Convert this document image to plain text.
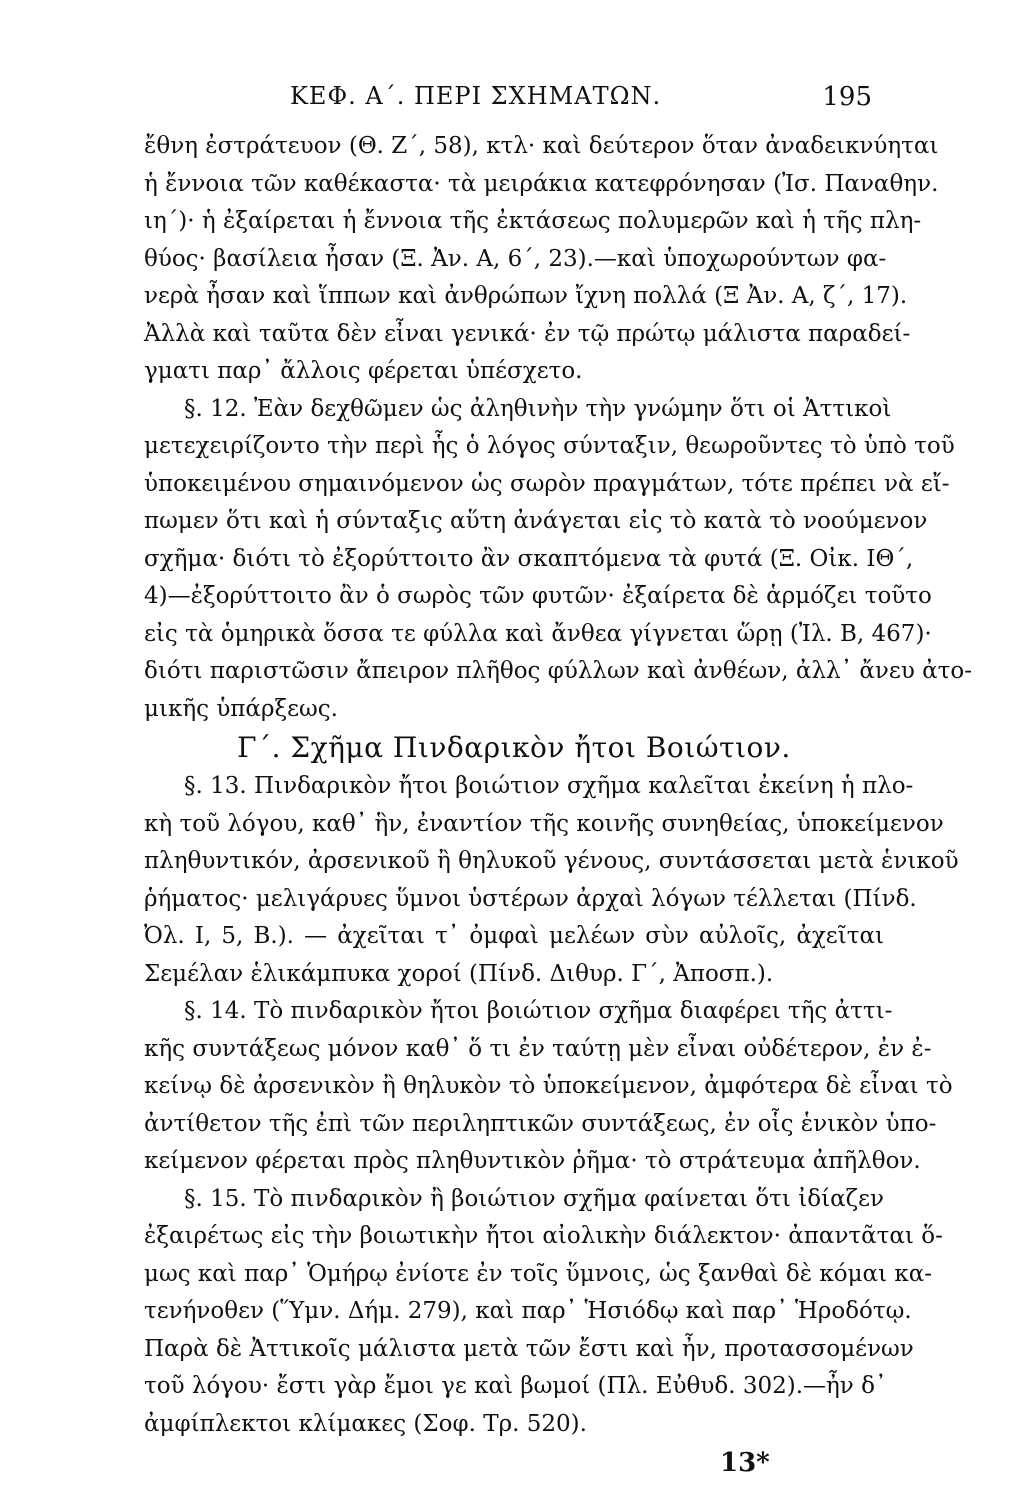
ΚΕΦ. Α΄. ΠΕΡΙ ΣΧΗΜΑΤΩΝ.	195
ἔθνη ἐστράτευον (Θ. Ζ΄, 58), κτλ· καὶ δεύτερον ὅταν ἀναδεικνύηται
ἡ ἔννοια τῶν καθέκαστα· τὰ μειράκια κατεφρόνησαν (Ἰσ. Παναθην.
ιη΄)· ἡ ἐξαίρεται ἡ ἔννοια τῆς ἐκτάσεως πολυμερῶν καὶ ἡ τῆς πλη-
θύος· βασίλεια ἦσαν (Ξ. Ἀν. Α, 6΄, 23).—καὶ ὑποχωρούντων φα-
νερὰ ἦσαν καὶ ἵππων καὶ ἀνθρώπων ἴχνη πολλά (Ξ Ἀν. Α, ζ΄, 17).
Ἀλλὰ καὶ ταῦτα δὲν εἶναι γενικά· ἐν τῷ πρώτῳ μάλιστα παραδεί-
γματι παρ᾽ ἄλλοις φέρεται ὑπέσχετο.
§. 12. Ἐὰν δεχθῶμεν ὡς ἀληθινὴν τὴν γνώμην ὅτι οἱ Ἀττικοὶ
μετεχειρίζοντο τὴν περὶ ἧς ὁ λόγος σύνταξιν, θεωροῦντες τὸ ὑπὸ τοῦ
ὑποκειμένου σημαινόμενον ὡς σωρὸν πραγμάτων, τότε πρέπει νὰ εἴ-
πωμεν ὅτι καὶ ἡ σύνταξις αὕτη ἀνάγεται εἰς τὸ κατὰ τὸ νοούμενον
σχῆμα· διότι τὸ ἐξορύττοιτο ἂν σκαπτόμενα τὰ φυτά (Ξ. Οἰκ. ΙΘ΄,
4)—ἐξορύττοιτο ἂν ὁ σωρὸς τῶν φυτῶν· ἐξαίρετα δὲ ἁρμόζει τοῦτο
εἰς τὰ ὁμηρικὰ ὅσσα τε φύλλα καὶ ἄνθεα γίγνεται ὥρῃ (Ἰλ. Β, 467)·
διότι παριστῶσιν ἄπειρον πλῆθος φύλλων καὶ ἀνθέων, ἀλλ᾽ ἄνευ ἀτο-
μικῆς ὑπάρξεως.
Γ΄. Σχῆμα Πινδαρικὸν ἤτοι Βοιώτιον.
§. 13. Πινδαρικὸν ἤτοι βοιώτιον σχῆμα καλεῖται ἐκείνη ἡ πλο-
κὴ τοῦ λόγου, καθ᾽ ἣν, ἐναντίον τῆς κοινῆς συνηθείας, ὑποκείμενον
πληθυντικόν, ἀρσενικοῦ ἢ θηλυκοῦ γένους, συντάσσεται μετὰ ἑνικοῦ
ῥήματος· μελιγάρυες ὕμνοι ὑστέρων ἀρχαὶ λόγων τέλλεται (Πίνδ.
Ὀλ. Ι, 5, Β.). — ἀχεῖται τ᾽ ὀμφαὶ μελέων σὺν αὐλοῖς, ἀχεῖται
Σεμέλαν ἑλικάμπυκα χοροί (Πίνδ. Διθυρ. Γ΄, Ἀποσπ.).
§. 14. Τὸ πινδαρικὸν ἤτοι βοιώτιον σχῆμα διαφέρει τῆς ἀττι-
κῆς συντάξεως μόνον καθ᾽ ὅ τι ἐν ταύτῃ μὲν εἶναι οὐδέτερον, ἐν ἐ-
κείνῳ δὲ ἀρσενικὸν ἢ θηλυκὸν τὸ ὑποκείμενον, ἀμφότερα δὲ εἶναι τὸ
ἀντίθετον τῆς ἐπὶ τῶν περιληπτικῶν συντάξεως, ἐν οἷς ἑνικὸν ὑπο-
κείμενον φέρεται πρὸς πληθυντικὸν ῥῆμα· τὸ στράτευμα ἀπῆλθον.
§. 15. Τὸ πινδαρικὸν ἢ βοιώτιον σχῆμα φαίνεται ὅτι ἰδίαζεν
ἐξαιρέτως εἰς τὴν βοιωτικὴν ἤτοι αἰολικὴν διάλεκτον· ἀπαντᾶται ὅ-
μως καὶ παρ᾽ Ὁμήρῳ ἐνίοτε ἐν τοῖς ὕμνοις, ὡς ξανθαὶ δὲ κόμαι κα-
τενήνοθεν (Ὕμν. Δήμ. 279), καὶ παρ᾽ Ἡσιόδῳ καὶ παρ᾽ Ἡροδότῳ.
Παρὰ δὲ Ἀττικοῖς μάλιστα μετὰ τῶν ἔστι καὶ ἦν, προτασσομένων
τοῦ λόγου· ἔστι γὰρ ἔμοι γε καὶ βωμοί (Πλ. Εὐθυδ. 302).—ἦν δ᾽
ἀμφίπλεκτοι κλίμακες (Σοφ. Τρ. 520).
13*
